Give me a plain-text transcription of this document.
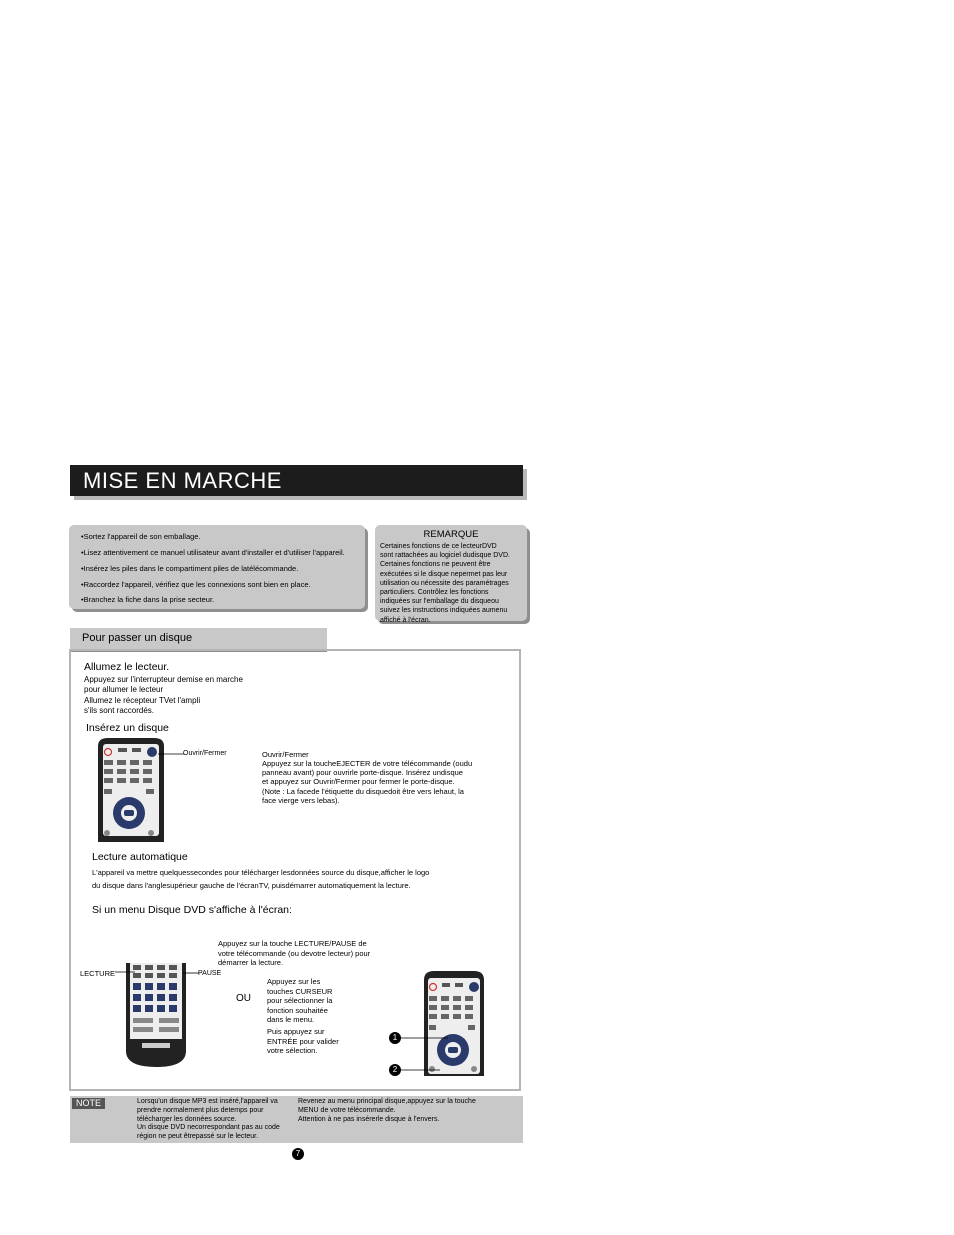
MISE EN MARCHE
•Sortez l'appareil de son emballage.
•Lisez attentivement ce manuel utilisateur avant d'installer et d'utiliser l'appareil.
•Insérez les piles dans le compartiment piles de latélécommande.
•Raccordez l'appareil, vérifiez que les connexions sont bien en place.
•Branchez la fiche dans la prise secteur.
REMARQUE
Certaines fonctions de ce lecteurDVD
sont rattachées au logiciel dudisque DVD.
Certaines fonctions ne peuvent être
exécutées si le disque nepermet pas leur
utilisation ou nécessite des paramétrages
particuliers. Contrôlez les fonctions
indiquées sur l'emballage du disqueou
suivez les instructions indiquées aumenu
affiché à l'écran.
Pour passer un disque
Allumez le lecteur.
Appuyez sur l'interrupteur demise en marche
pour allumer le lecteur
Allumez le récepteur TVet l'ampli
s'ils sont raccordés.
Insérez un disque
Ouvrir/Fermer	Ouvrir/Fermer
Appuyez sur la toucheEJECTER de votre télécommande (oudu
panneau avant) pour ouvrirle porte-disque. Insérez undisque
et appuyez sur Ouvrir/Fermer pour fermer le porte-disque.
(Note : La facede l'étiquette du disquedoit être vers lehaut, la
face vierge vers lebas).
Lecture automatique
L'appareil va mettre quelquessecondes pour télécharger lesdonnées source du disque,afficher le logo
du disque dans l'anglesupérieur gauche de l'écranTV, puisdémarrer automatiquement la lecture.
Si un menu Disque DVD s'affiche à l'écran:
LECTURE	PAUSE
Appuyez sur la touche LECTURE/PAUSE de
votre télécommande (ou devotre lecteur) pour
démarrer la lecture.
OU
Appuyez sur les
touches CURSEUR
pour sélectionner la
fonction souhaitée
dans le menu.
Puis appuyez sur
ENTRÉE pour valider
votre sélection.
1
2
NOTE	Lorsqu'un disque MP3 est inséré,l'appareil va
prendre normalement plus detemps pour
télécharger les données source.
Un disque DVD necorrespondant pas au code
région ne peut êtrepassé sur le lecteur.
Revenez au menu principal disque,appuyez sur la touche
MENU de votre télécommande.
Attention à ne pas insérerle disque à l'envers.
7
